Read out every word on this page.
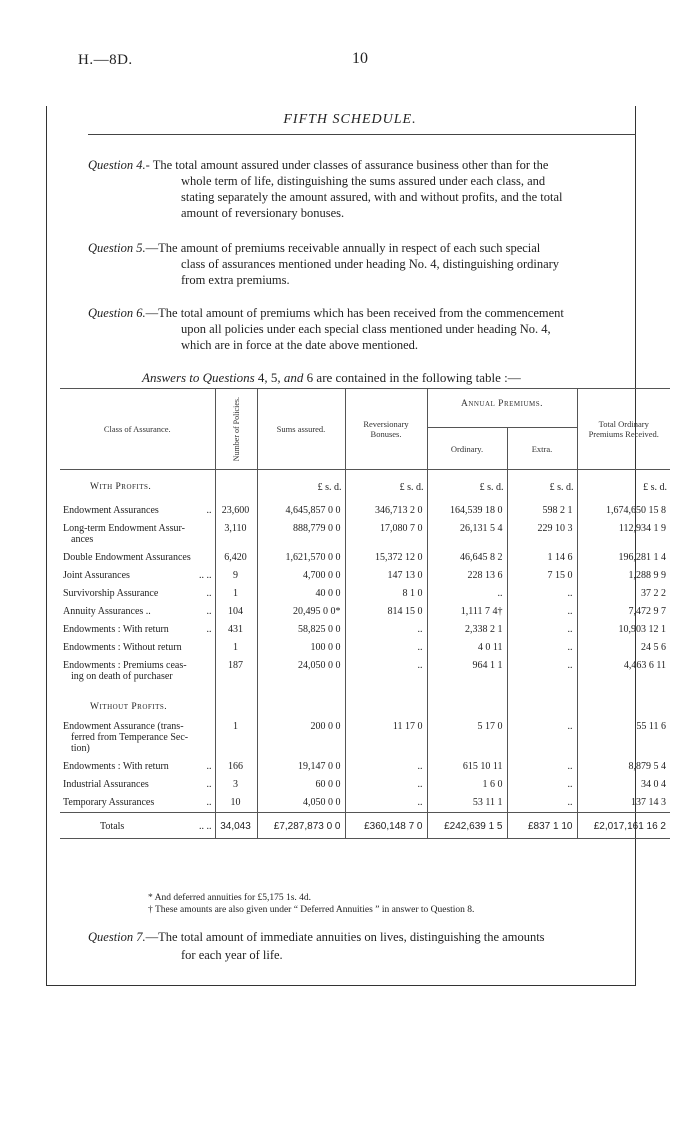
H.—8D.	10
FIFTH SCHEDULE.
Question 4.- The total amount assured under classes of assurance business other than for the
whole term of life, distinguishing the sums assured under each class, and
stating separately the amount assured, with and without profits, and the total
amount of reversionary bonuses.
Question 5.—The amount of premiums receivable annually in respect of each such special
class of assurances mentioned under heading No. 4, distinguishing ordinary
from extra premiums.
Question 6.—The total amount of premiums which has been received from the commencement
upon all policies under each special class mentioned under heading No. 4,
which are in force at the date above mentioned.
Answers to Questions 4, 5, and 6 are contained in the following table :—
Class of Assurance.	Number of Policies.	Sums assured.	Reversionary Bonuses.	Annual Premiums.		Total Ordinary Premiums Received.
				Ordinary.	Extra.	
With Profits.		£ s. d.	£ s. d.	£ s. d.	£ s. d.	£ s. d.
Endowment Assurances ..	23,600	4,645,857 0 0	346,713 2 0	164,539 18 0	598 2 1	1,674,650 15 8
Long-term Endowment Assur-
ances	3,110	888,779 0 0	17,080 7 0	26,131 5 4	229 10 3	112,934 1 9
Double Endowment Assurances	6,420	1,621,570 0 0	15,372 12 0	46,645 8 2	1 14 6	196,281 1 4
Joint Assurances .. ..	9	4,700 0 0	147 13 0	228 13 6	7 15 0	1,288 9 9
Survivorship Assurance ..	1	40 0 0	8 1 0	..	..	37 2 2
Annuity Assurances .. ..	104	20,495 0 0*	814 15 0	1,111 7 4†	..	7,472 9 7
Endowments : With return ..	431	58,825 0 0	..	2,338 2 1	..	10,903 12 1
Endowments : Without return	1	100 0 0	..	4 0 11	..	24 5 6
Endowments : Premiums ceas-
ing on death of purchaser	187	24,050 0 0	..	964 1 1	..	4,463 6 11
Without Profits.						
Endowment Assurance (trans-
ferred from Temperance Sec-
tion)	1	200 0 0	11 17 0	5 17 0	..	55 11 6
Endowments : With return ..	166	19,147 0 0	..	615 10 11	..	8,879 5 4
Industrial Assurances ..	3	60 0 0	..	1 6 0	..	34 0 4
Temporary Assurances ..	10	4,050 0 0	..	53 11 1	..	137 14 3
Totals .. ..	34,043	£7,287,873 0 0	£360,148 7 0	£242,639 1 5	£837 1 10	£2,017,161 16 2
* And deferred annuities for £5,175 1s. 4d.
† These amounts are also given under “ Deferred Annuities ” in answer to Question 8.
Question 7.—The total amount of immediate annuities on lives, distinguishing the amounts
for each year of life.
